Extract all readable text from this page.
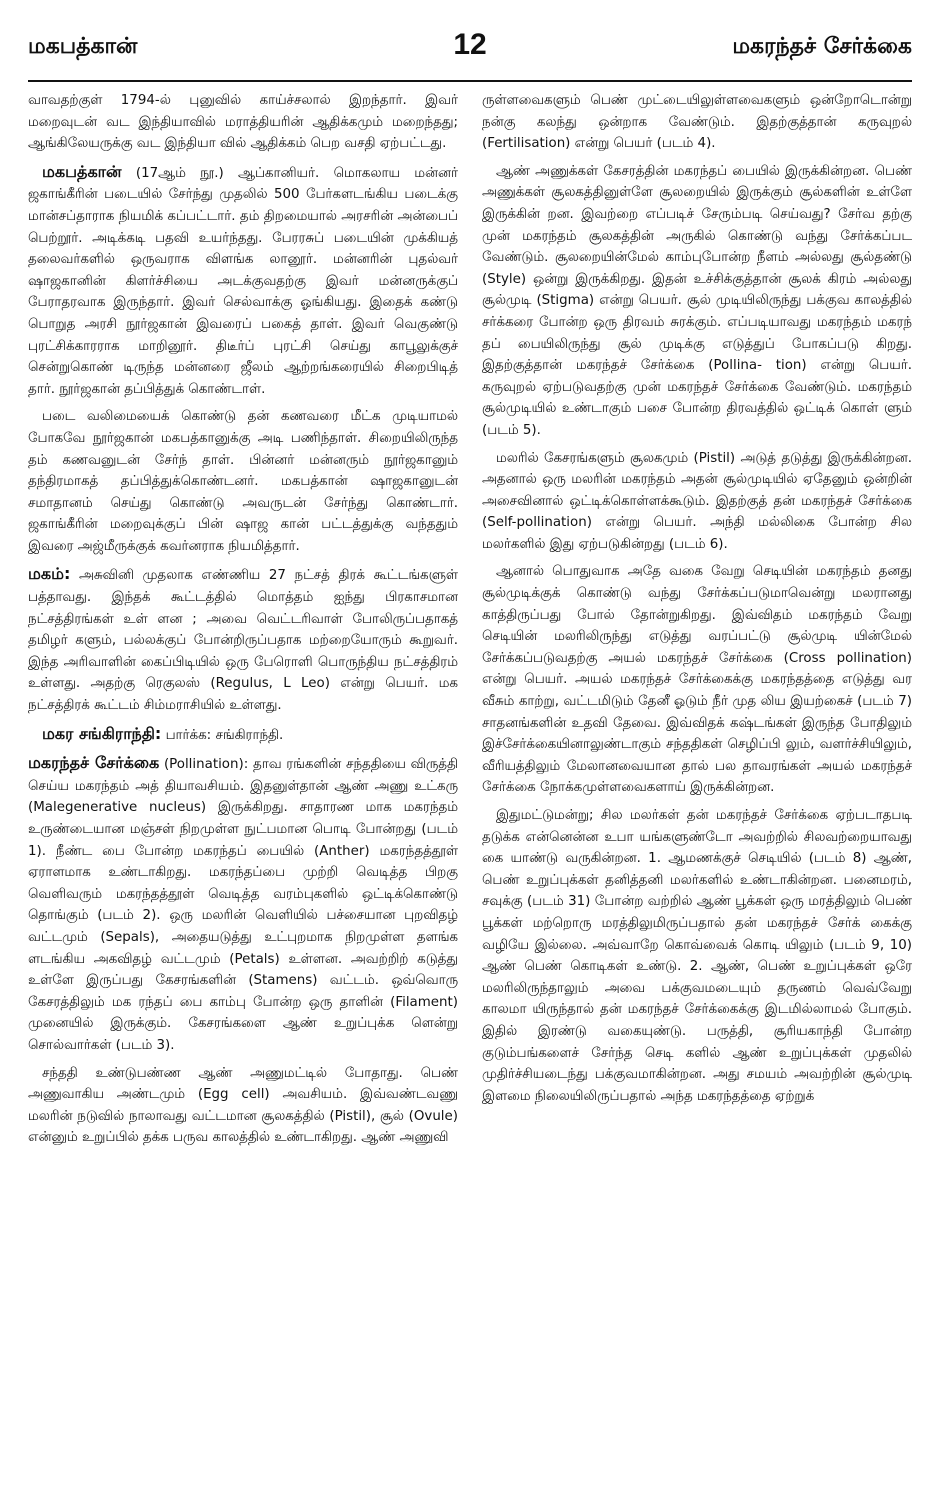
மகபத்கான்	12	மகரந்தச் சேர்க்கை

வாவதற்குள் 1794-ல் புனுவில் காய்ச்சலால் இறந்தார். இவர் மறைவுடன் வட இந்தியாவில் மராத்தியரின் ஆதிக்கமும் மறைந்தது; ஆங்கிலேயருக்கு வட இந்தியா வில் ஆதிக்கம் பெற வசதி ஏற்பட்டது.

மகபத்கான் (17ஆம் நூ.) ஆப்கானியர். மொகலாய மன்னர் ஜகாங்கீரின் படையில் சேர்ந்து முதலில் 500 பேர்களடங்கிய படைக்கு மான்சப்தாராக நியமிக் கப்பட்டார். தம் திறமையால் அரசரின் அன்பைப் பெற்றூர். அடிக்கடி பதவி உயர்ந்தது. பேரரசுப் படையின் முக்கியத் தலைவர்களில் ஒருவராக விளங்க லானூர். மன்னரின் புதல்வர் ஷாஜகானின் கிளர்ச்சியை அடக்குவதற்கு இவர் மன்னருக்குப் பேராதரவாக இருந்தார். இவர் செல்வாக்கு ஓங்கியது. இதைக் கண்டு பொறுத அரசி நூர்ஜகான் இவரைப் பகைத் தாள். இவர் வெகுண்டு புரட்சிக்காரராக மாறினூர். திடீர்ப் புரட்சி செய்து காபூலுக்குச் சென்றுகொண் டிருந்த மன்னரை ஜீலம் ஆற்றங்கரையில் சிறைபிடித் தார். நூர்ஜகான் தப்பித்துக் கொண்டாள்.

படை வலிமையைக் கொண்டு தன் கணவரை மீட்க முடியாமல் போகவே நூர்ஜகான் மகபத்கானுக்கு அடி பணிந்தாள். சிறையிலிருந்த தம் கணவனுடன் சேர்ந் தாள். பின்னர் மன்னரும் நூர்ஜகானும் தந்திரமாகத் தப்பித்துக்கொண்டனர். மகபத்கான் ஷாஜகானுடன் சமாதானம் செய்து கொண்டு அவருடன் சேர்ந்து கொண்டார். ஜகாங்கீரின் மறைவுக்குப் பின் ஷாஜ கான் பட்டத்துக்கு வந்ததும் இவரை அஜ்மீருக்குக் கவர்னராக நியமித்தார்.

மகம்: அசுவினி முதலாக எண்ணிய 27 நட்சத் திரக் கூட்டங்களுள் பத்தாவது. இந்தக் கூட்டத்தில் மொத்தம் ஐந்து பிரகாசமான நட்சத்திரங்கள் உள் ளன ; அவை வெட்டரிவாள் போலிருப்பதாகத் தமிழர் களும், பல்லக்குப் போன்றிருப்பதாக மற்றையோரும் கூறுவர். இந்த அரிவாளின் கைப்பிடியில் ஒரு பேரொளி பொருந்திய நட்சத்திரம் உள்ளது. அதற்கு ரெகுலஸ் (Regulus, L Leo) என்று பெயர். மக நட்சத்திரக் கூட்டம் சிம்மராசியில் உள்ளது.

மகர சங்கிராந்தி: பார்க்க: சங்கிராந்தி.

மகரந்தச் சேர்க்கை (Pollination): தாவ ரங்களின் சந்ததியை விருத்தி செய்ய மகரந்தம் அத் தியாவசியம். இதனுள்தான் ஆண் அணு உட்கரு (Malegenerative nucleus) இருக்கிறது. சாதாரண மாக மகரந்தம் உருண்டையான மஞ்சள் நிறமுள்ள நுட்பமான பொடி போன்றது (படம் 1). நீண்ட பை போன்ற மகரந்தப் பையில் (Anther) மகரந்தத்தூள் ஏராளமாக உண்டாகிறது. மகரந்தப்பை முற்றி வெடித்த பிறகு வெளிவரும் மகரந்தத்தூள் வெடித்த வரம்புகளில் ஒட்டிக்கொண்டு தொங்கும் (படம் 2). ஒரு மலரின் வெளியில் பச்சையான புறவிதழ் வட்டமும் (Sepals), அதையடுத்து உட்புறமாக நிறமுள்ள தளங்க ளடங்கிய அகவிதழ் வட்டமும் (Petals) உள்ளன. அவற்றிற் கடுத்து உள்ளே இருப்பது கேசரங்களின் (Stamens) வட்டம். ஒவ்வொரு கேசரத்திலும் மக ரந்தப் பை காம்பு போன்ற ஒரு தாளின் (Filament) முனையில் இருக்கும். கேசரங்களை ஆண் உறுப்புக்க ளென்று சொல்வார்கள் (படம் 3).

சந்ததி உண்டுபண்ண ஆண் அணுமட்டில் போதாது. பெண் அணுவாகிய அண்டமும் (Egg cell) அவசியம். இவ்வண்டவணு மலரின் நடுவில் நாலாவது வட்டமான சூலகத்தில் (Pistil), சூல் (Ovule) என்னும் உறுப்பில் தக்க பருவ காலத்தில் உண்டாகிறது. ஆண் அணுவி

ருள்ளவைகளும் பெண் முட்டையிலுள்ளவைகளும் ஒன்றோடொன்று நன்கு கலந்து ஒன்றாக வேண்டும். இதற்குத்தான் கருவுறல் (Fertilisation) என்று பெயர் (படம் 4).

ஆண் அணுக்கள் கேசரத்தின் மகரந்தப் பையில் இருக்கின்றன. பெண் அணுக்கள் சூலகத்தினுள்ளே சூலறையில் இருக்கும் சூல்களின் உள்ளே இருக்கின் றன. இவற்றை எப்படிச் சேரும்படி செய்வது? சேர்வ தற்கு முன் மகரந்தம் சூலகத்தின் அருகில் கொண்டு வந்து சேர்க்கப்பட வேண்டும். சூலறையின்மேல் காம்புபோன்ற நீளம் அல்லது சூல்தண்டு (Style) ஒன்று இருக்கிறது. இதன் உச்சிக்குத்தான் சூலக் கிரம் அல்லது சூல்முடி (Stigma) என்று பெயர். சூல் முடியிலிருந்து பக்குவ காலத்தில் சர்க்கரை போன்ற ஒரு திரவம் சுரக்கும். எப்படியாவது மகரந்தம் மகரந் தப் பையிலிருந்து சூல் முடிக்கு எடுத்துப் போகப்படு கிறது. இதற்குத்தான் மகரந்தச் சேர்க்கை (Pollina- tion) என்று பெயர். கருவுறல் ஏற்படுவதற்கு முன் மகரந்தச் சேர்க்கை வேண்டும். மகரந்தம் சூல்முடியில் உண்டாகும் பசை போன்ற திரவத்தில் ஒட்டிக் கொள் ளும் (படம் 5).

மலரில் கேசரங்களும் சூலகமும் (Pistil) அடுத் தடுத்து இருக்கின்றன. அதனால் ஒரு மலரின் மகரந்தம் அதன் சூல்முடியில் ஏதேனும் ஒன்றின் அசைவினால் ஒட்டிக்கொள்ளக்கூடும். இதற்குத் தன் மகரந்தச் சேர்க்கை (Self-pollination) என்று பெயர். அந்தி மல்லிகை போன்ற சில மலர்களில் இது ஏற்படுகின்றது (படம் 6).

ஆனால் பொதுவாக அதே வகை வேறு செடியின் மகரந்தம் தனது சூல்முடிக்குக் கொண்டு வந்து சேர்க்கப்படுமாவென்று மலரானது காத்திருப்பது போல் தோன்றுகிறது. இவ்விதம் மகரந்தம் வேறு செடியின் மலரிலிருந்து எடுத்து வரப்பட்டு சூல்முடி யின்மேல் சேர்க்கப்படுவதற்கு அயல் மகரந்தச் சேர்க்கை (Cross pollination) என்று பெயர். அயல் மகரந்தச் சேர்க்கைக்கு மகரந்தத்தை எடுத்து வர வீசும் காற்று, வட்டமிடும் தேனீ ஓடும் நீர் முத லிய இயற்கைச் (படம் 7) சாதனங்களின் உதவி தேவை. இவ்விதக் கஷ்டங்கள் இருந்த போதிலும் இச்சேர்க்கையினாலுண்டாகும் சந்ததிகள் செழிப்பி லும், வளர்ச்சியிலும், வீரியத்திலும் மேலானவையான தால் பல தாவரங்கள் அயல் மகரந்தச் சேர்க்கை நோக்கமுள்ளவைகளாய் இருக்கின்றன.

இதுமட்டுமன்று; சில மலர்கள் தன் மகரந்தச் சேர்க்கை ஏற்படாதபடி தடுக்க என்னென்ன உபா யங்களுண்டோ அவற்றில் சிலவற்றையாவது கை யாண்டு வருகின்றன. 1. ஆமணக்குச் செடியில் (படம் 8) ஆண், பெண் உறுப்புக்கள் தனித்தனி மலர்களில் உண்டாகின்றன. பனைமரம், சவுக்கு (படம் 31) போன்ற வற்றில் ஆண் பூக்கள் ஒரு மரத்திலும் பெண் பூக்கள் மற்றொரு மரத்திலுமிருப்பதால் தன் மகரந்தச் சேர்க் கைக்கு வழியே இல்லை. அவ்வாறே கொவ்வைக் கொடி யிலும் (படம் 9, 10) ஆண் பெண் கொடிகள் உண்டு. 2. ஆண், பெண் உறுப்புக்கள் ஒரே மலரிலிருந்தாலும் அவை பக்குவமடையும் தருணம் வெவ்வேறு காலமா யிருந்தால் தன் மகரந்தச் சேர்க்கைக்கு இடமில்லாமல் போகும். இதில் இரண்டு வகையுண்டு. பருத்தி, சூரியகாந்தி போன்ற குடும்பங்களைச் சேர்ந்த செடி களில் ஆண் உறுப்புக்கள் முதலில் முதிர்ச்சியடைந்து பக்குவமாகின்றன. அது சமயம் அவற்றின் சூல்முடி இளமை நிலையிலிருப்பதால் அந்த மகரந்தத்தை ஏற்றுக்
